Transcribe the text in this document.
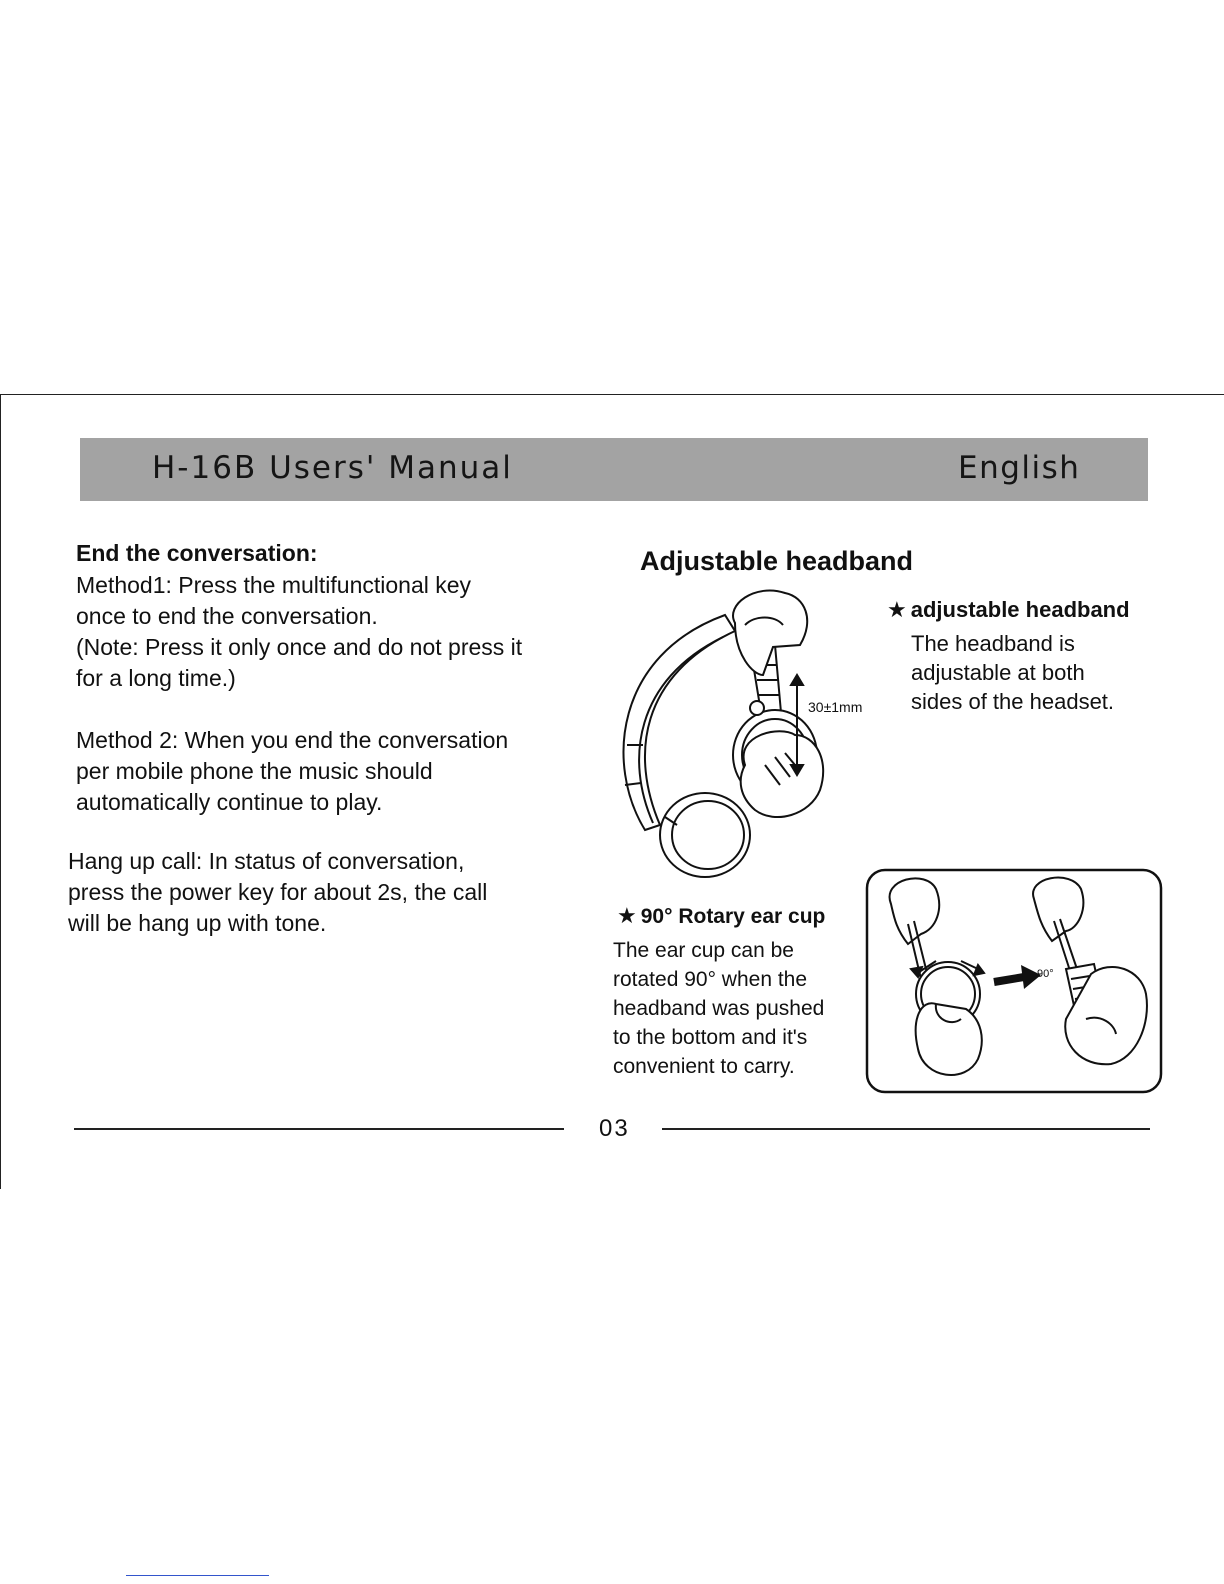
H-16B Users' Manual	English
End the conversation:
Method1: Press the multifunctional key
once to end the conversation.
(Note: Press it only once and do not press it
for a long time.)
Method 2: When you end the conversation
per mobile phone the music should
automatically continue to play.
Hang up call: In status of conversation,
press the power key for about 2s, the call
will be hang up with tone.
Adjustable headband
★ adjustable headband
The headband is
adjustable at both
sides of the headset.
30±1mm
★ 90° Rotary ear cup
The ear cup can be
rotated 90° when the
headband was pushed
to the bottom and it's
convenient to carry.
90°
03
